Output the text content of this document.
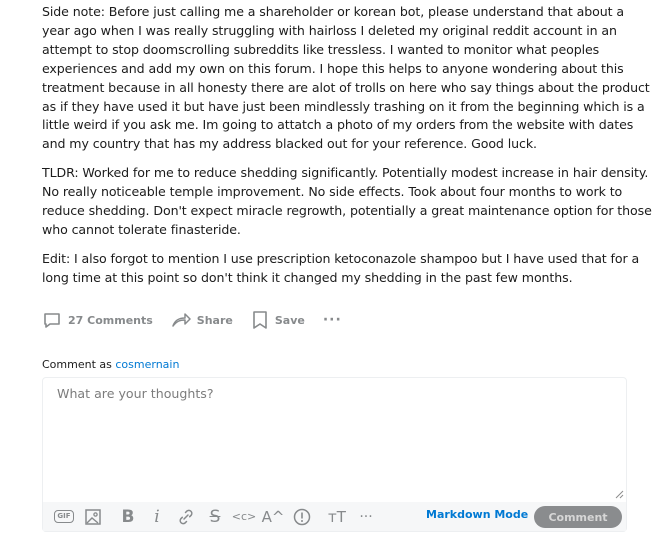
Side note: Before just calling me a shareholder or korean bot, please understand that about a year ago when I was really struggling with hairloss I deleted my original reddit account in an attempt to stop doomscrolling subreddits like tressless. I wanted to monitor what peoples experiences and add my own on this forum. I hope this helps to anyone wondering about this treatment because in all honesty there are alot of trolls on here who say things about the product as if they have used it but have just been mindlessly trashing on it from the beginning which is a little weird if you ask me. Im going to attatch a photo of my orders from the website with dates and my country that has my address blacked out for your reference. Good luck.

TLDR: Worked for me to reduce shedding significantly. Potentially modest increase in hair density. No really noticeable temple improvement. No side effects. Took about four months to work to reduce shedding. Don't expect miracle regrowth, potentially a great maintenance option for those who cannot tolerate finasteride.

Edit: I also forgot to mention I use prescription ketoconazole shampoo but I have used that for a long time at this point so don't think it changed my shedding in the past few months.

27 Comments	Share	Save ···
Comment as cosmernain
What are your thoughts?
GIF	B i	S <c> A^	тT ···	Markdown Mode	Comment
